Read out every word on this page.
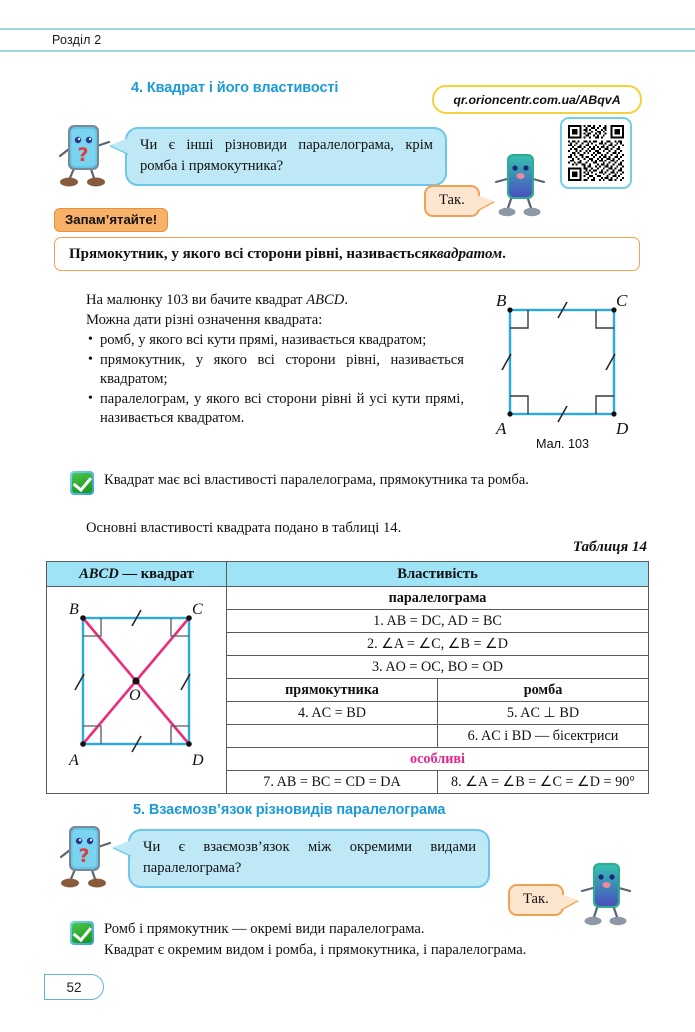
Розділ 2
4. Квадрат і його властивості
qr.orioncentr.com.ua/ABqvA
?	Чи є інші різновиди паралелограма, крім ромба і прямокутника?
Так.
Запам’ятайте!
Прямокутник, у якого всі сторони рівні, називається квадратом .
На малюнку 103 ви бачите квадрат ABCD.
Можна дати різні означення квадрата:
• ромб, у якого всі кути прямі, називається квадратом;
• прямокутник, у якого всі сторони рівні, називається квадратом;
• паралелограм, у якого всі сторони рівні й усі кути прямі, називається квадратом.
B	C
A	D
Мал. 103
Квадрат має всі властивості паралелограма, прямокутника та ромба.
Основні властивості квадрата подано в таблиці 14.
Таблиця 14
ABCD — квадрат	Властивість	

B C
A D
O	паралелограма	
	1. AB = DC, AD = BC	
	2. ∠A = ∠C, ∠B = ∠D	
	3. AO = OC, BO = OD	
	прямокутника	ромба
	4. AC = BD	5. AC ⊥ BD
		6. AC i BD — бісектриси
	особливі	
	7. AB = BC = CD = DA	8. ∠A = ∠B = ∠C = ∠D = 90°
5. Взаємозв’язок різновидів паралелограма
?	Чи є взаємозв’язок між окремими видами паралелограма?
Так.
Ромб і прямокутник — окремі види паралелограма.
Квадрат є окремим видом і ромба, і прямокутника, і паралелограма.
52
